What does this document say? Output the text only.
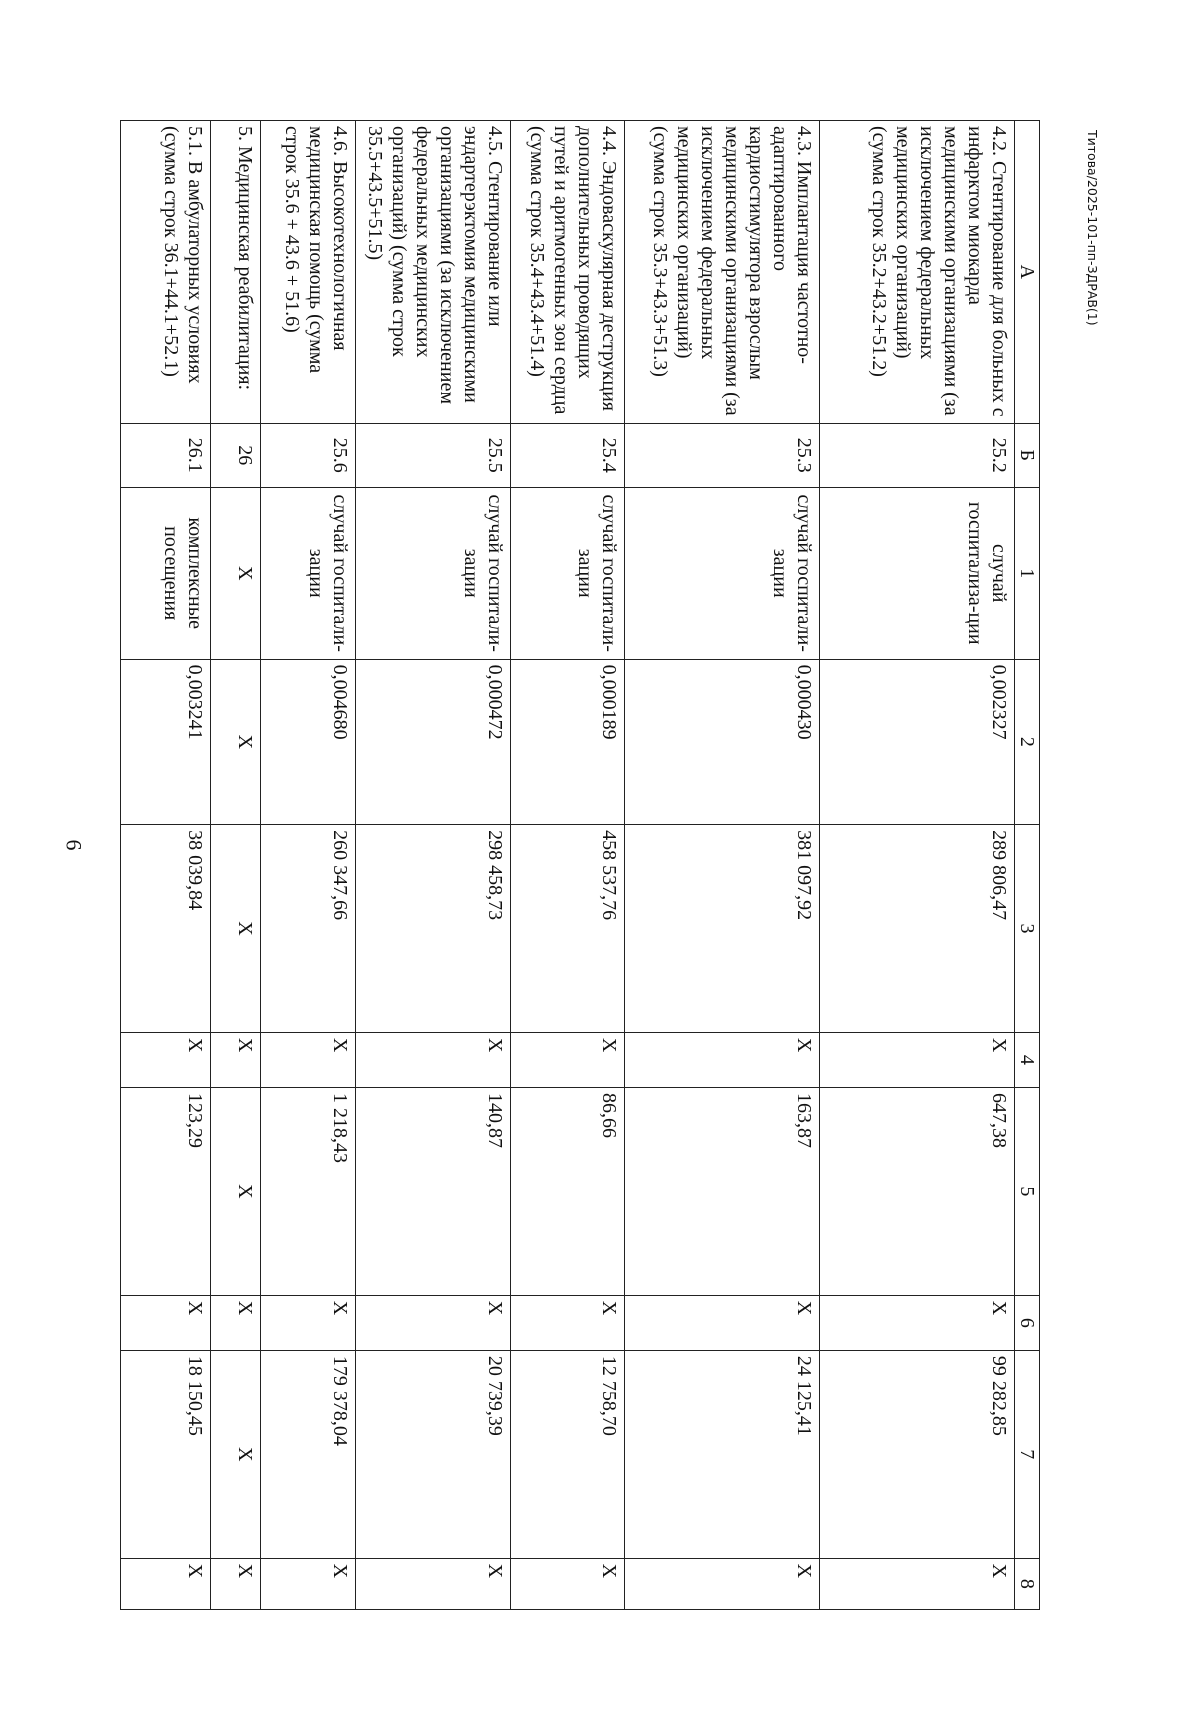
6
Титова/2025-101-пп-ЗДРАВ(1)
А	Б	1	2	3	4	5	6	7	8
4.2. Стентирование для больных с инфарктом миокарда медицинскими организациями (за исключением федеральных медицинских организаций) (сумма строк 35.2+43.2+51.2)	25.2	случай госпитализа-ции	0,002327	289 806,47	Х	647,38	Х	99 282,85	Х
4.3. Имплантация частотно-адаптированного кардиостимулятора взрослым медицинскими организациями (за исключением федеральных медицинских организаций) (сумма строк 35.3+43.3+51.3)	25.3	случай госпитали-зации	0,000430	381 097,92	Х	163,87	Х	24 125,41	Х
4.4. Эндоваскулярная деструкция дополнительных проводящих путей и аритмогенных зон сердца (сумма строк 35.4+43.4+51.4)	25.4	случай госпитали-зации	0,000189	458 537,76	Х	86,66	Х	12 758,70	Х
4.5. Стентирование или эндартерэктомия медицинскими организациями (за исключением федеральных медицинских организаций) (сумма строк 35.5+43.5+51.5)	25.5	случай госпитали-зации	0,000472	298 458,73	Х	140,87	Х	20 739,39	Х
4.6. Высокотехнологичная медицинская помощь (сумма строк 35.6 + 43.6 + 51.6)	25.6	случай госпитали-зации	0,004680	260 347,66	Х	1 218,43	Х	179 378,04	Х
5. Медицинская реабилитация:	26	Х	Х	Х	Х	Х	Х	Х	Х
5.1. В амбулаторных условиях (сумма строк 36.1+44.1+52.1)	26.1	комплексные посещения	0,003241	38 039,84	Х	123,29	Х	18 150,45	Х
